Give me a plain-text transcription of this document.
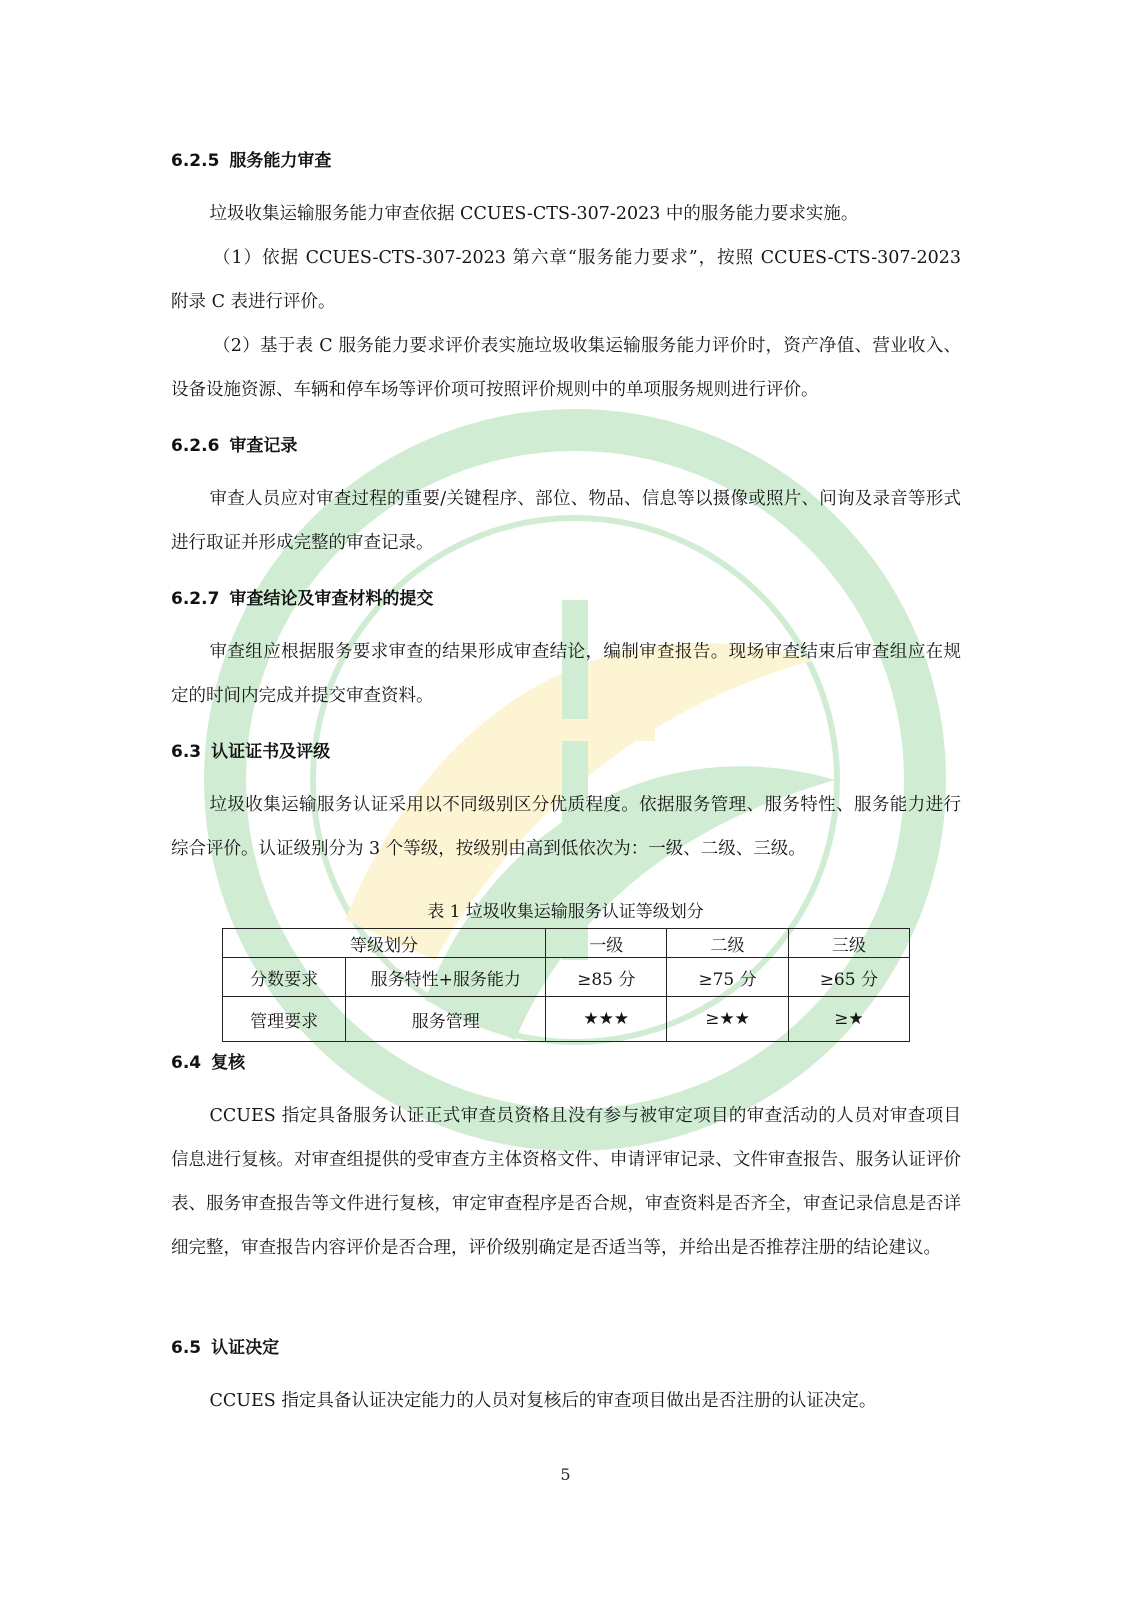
6.2.5 服务能力审查

垃圾收集运输服务能力审查依据 CCUES-CTS-307-2023 中的服务能力要求实施。

（1）依据 CCUES-CTS-307-2023 第六章“服务能力要求”，按照 CCUES-CTS-307-2023 附录 C 表进行评价。

（2）基于表 C 服务能力要求评价表实施垃圾收集运输服务能力评价时，资产净值、营业收入、设备设施资源、车辆和停车场等评价项可按照评价规则中的单项服务规则进行评价。

6.2.6 审查记录

审查人员应对审查过程的重要/关键程序、部位、物品、信息等以摄像或照片、问询及录音等形式进行取证并形成完整的审查记录。

6.2.7 审查结论及审查材料的提交

审查组应根据服务要求审查的结果形成审查结论，编制审查报告。现场审查结束后审查组应在规定的时间内完成并提交审查资料。

6.3 认证证书及评级

垃圾收集运输服务认证采用以不同级别区分优质程度。依据服务管理、服务特性、服务能力进行综合评价。认证级别分为 3 个等级，按级别由高到低依次为：一级、二级、三级。

表 1 垃圾收集运输服务认证等级划分
等级划分		一级	二级	三级
分数要求	服务特性+服务能力	≥85 分	≥75 分	≥65 分
管理要求	服务管理	★★★	≥★★	≥★
6.4 复核

CCUES 指定具备服务认证正式审查员资格且没有参与被审定项目的审查活动的人员对审查项目信息进行复核。对审查组提供的受审查方主体资格文件、申请评审记录、文件审查报告、服务认证评价表、服务审查报告等文件进行复核，审定审查程序是否合规，审查资料是否齐全，审查记录信息是否详细完整，审查报告内容评价是否合理，评价级别确定是否适当等，并给出是否推荐注册的结论建议。

6.5 认证决定

CCUES 指定具备认证决定能力的人员对复核后的审查项目做出是否注册的认证决定。

5
